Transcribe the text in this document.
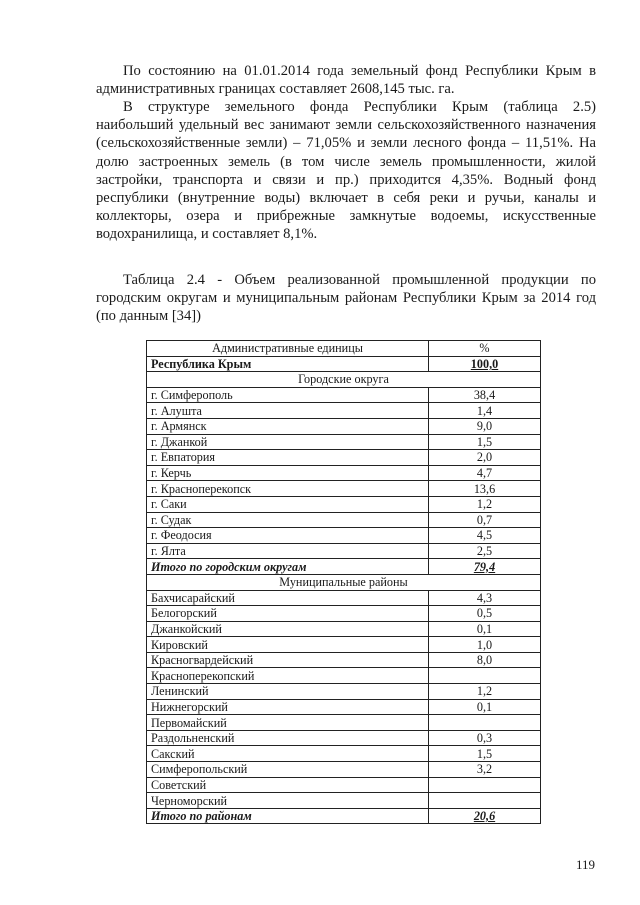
По состоянию на 01.01.2014 года земельный фонд Республики Крым в административных границах составляет 2608,145 тыс. га.

В структуре земельного фонда Республики Крым (таблица 2.5) наибольший удельный вес занимают земли сельскохозяйственного назначения (сельскохозяйственные земли) – 71,05% и земли лесного фонда – 11,51%. На долю застроенных земель (в том числе земель промышленности, жилой застройки, транспорта и связи и пр.) приходится 4,35%. Водный фонд республики (внутренние воды) включает в себя реки и ручьи, каналы и коллекторы, озера и прибрежные замкнутые водоемы, искусственные водохранилища, и составляет 8,1%.

Таблица 2.4 - Объем реализованной промышленной продукции по городским округам и муниципальным районам Республики Крым за 2014 год (по данным [34])

Административные единицы	%
Республика Крым	100,0
Городские округа	
г. Симферополь	38,4
г. Алушта	1,4
г. Армянск	9,0
г. Джанкой	1,5
г. Евпатория	2,0
г. Керчь	4,7
г. Красноперекопск	13,6
г. Саки	1,2
г. Судак	0,7
г. Феодосия	4,5
г. Ялта	2,5
Итого по городским округам	79,4
Муниципальные районы	
Бахчисарайский	4,3
Белогорский	0,5
Джанкойский	0,1
Кировский	1,0
Красногвардейский	8,0
Красноперекопский	
Ленинский	1,2
Нижнегорский	0,1
Первомайский	
Раздольненский	0,3
Сакский	1,5
Симферопольский	3,2
Советский	
Черноморский	
Итого по районам	20,6
119
